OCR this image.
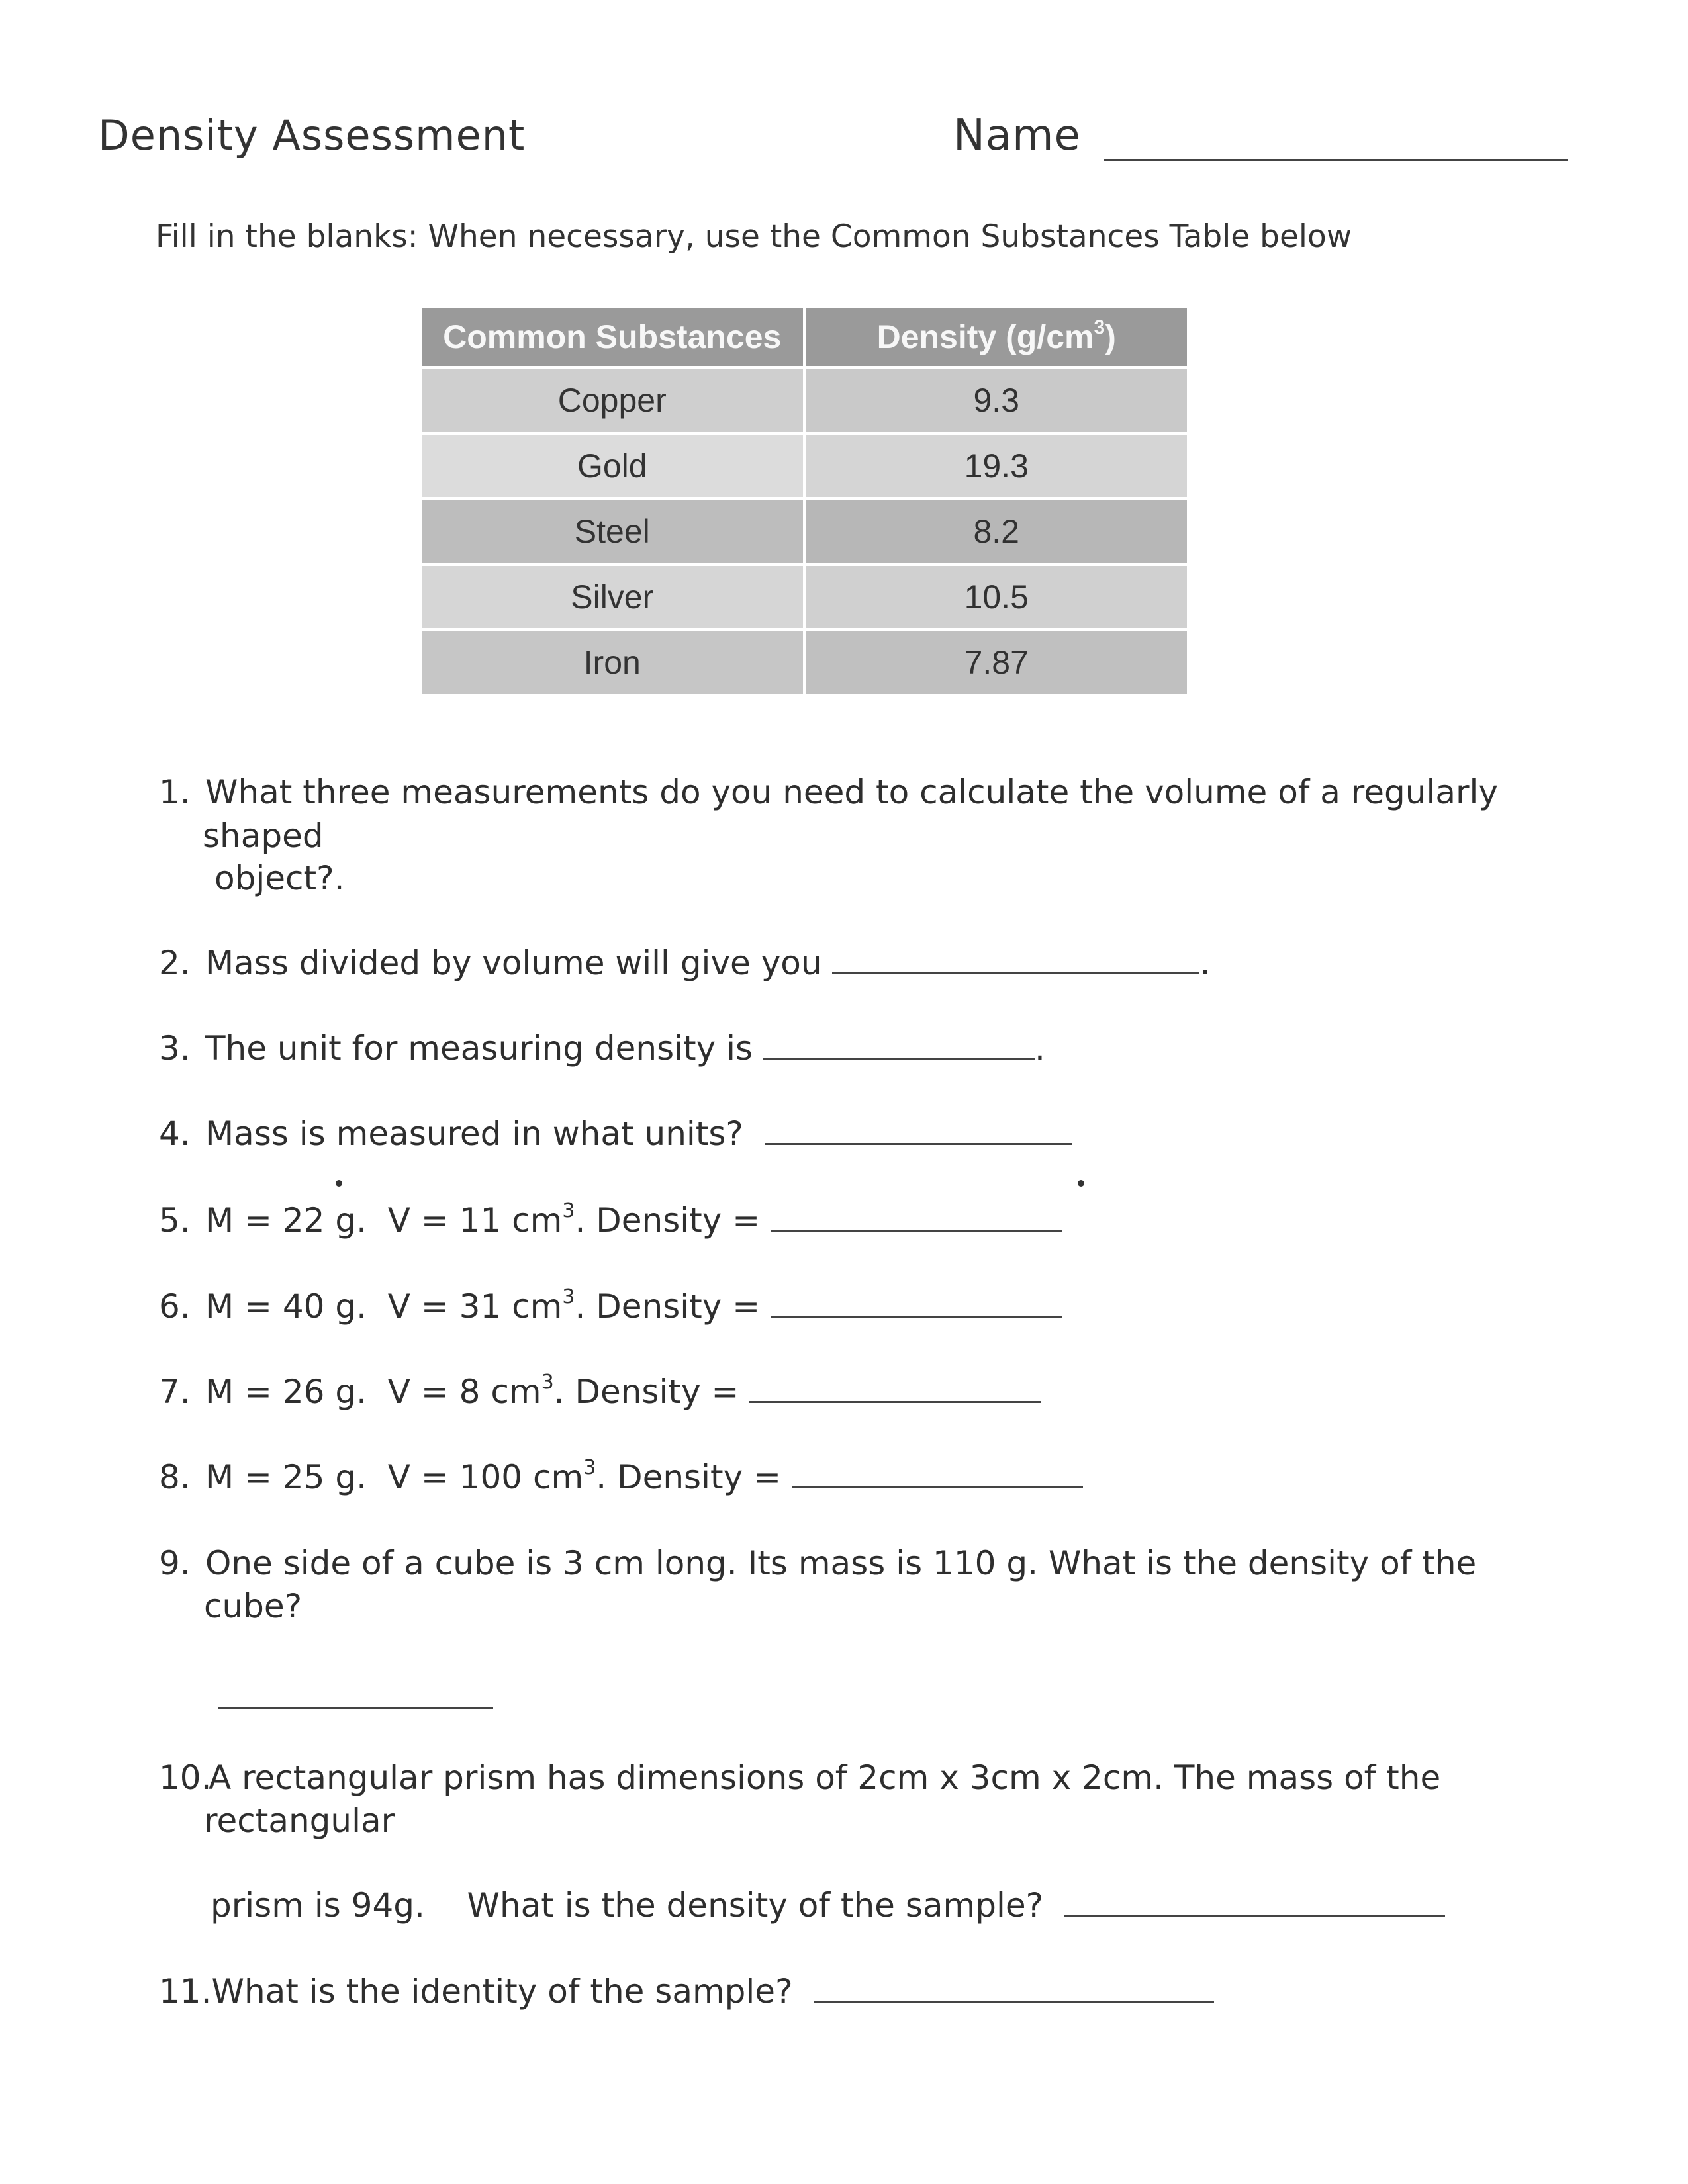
Density Assessment	Name
Fill in the blanks: When necessary, use the Common Substances Table below
Common Substances	Density $(g/cm^3)$
Copper	9.3
Gold	19.3
Steel	8.2
Silver	10.5
Iron	7.87
1. What three measurements do you need to calculate the volume of a regularly
shaped
object?.
2. Mass divided by volume will give you	.
3. The unit for measuring density is	.
4. Mass is measured in what units?
5. M = 22 g. V = 11 $cm^3$. Density =
6. M = 40 g. V = 31 $cm^3$. Density =
7. M = 26 g. V = 8 $cm^3$. Density =
8. M = 25 g. V = 100 $cm^3$. Density =
9. One side of a cube is 3 cm long. Its mass is 110 g. What is the density of the
cube?
10.A rectangular prism has dimensions of 2cm x 3cm x 2cm. The mass of the
rectangular
prism is 94g. What is the density of the sample?
11.What is the identity of the sample?
